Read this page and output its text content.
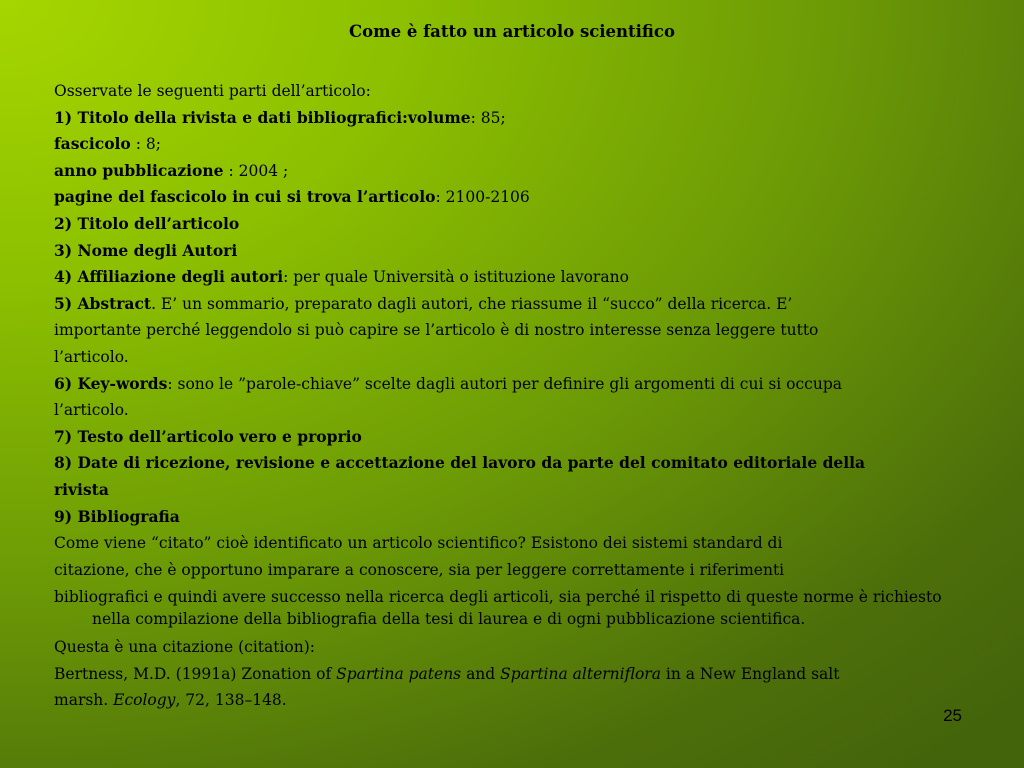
Come è fatto un articolo scientifico
Osservate le seguenti parti dell’articolo:
1) Titolo della rivista e dati bibliografici:volume: 85;
fascicolo : 8;
anno pubblicazione : 2004 ;
pagine del fascicolo in cui si trova l’articolo: 2100-2106
2) Titolo dell’articolo
3) Nome degli Autori
4) Affiliazione degli autori: per quale Università o istituzione lavorano
5) Abstract. E’ un sommario, preparato dagli autori, che riassume il “succo” della ricerca. E’
importante perché leggendolo si può capire se l’articolo è di nostro interesse senza leggere tutto
l’articolo.
6) Key-words: sono le ”parole-chiave” scelte dagli autori per definire gli argomenti di cui si occupa
l’articolo.
7) Testo dell’articolo vero e proprio
8) Date di ricezione, revisione e accettazione del lavoro da parte del comitato editoriale della
rivista
9) Bibliografia
Come viene “citato” cioè identificato un articolo scientifico? Esistono dei sistemi standard di
citazione, che è opportuno imparare a conoscere, sia per leggere correttamente i riferimenti
bibliografici e quindi avere successo nella ricerca degli articoli, sia perché il rispetto di queste norme è richiesto nella compilazione della bibliografia della tesi di laurea e di ogni pubblicazione scientifica.
Questa è una citazione (citation):
Bertness, M.D. (1991a) Zonation of Spartina patens and Spartina alterniflora in a New England salt
marsh. Ecology, 72, 138–148.
25
